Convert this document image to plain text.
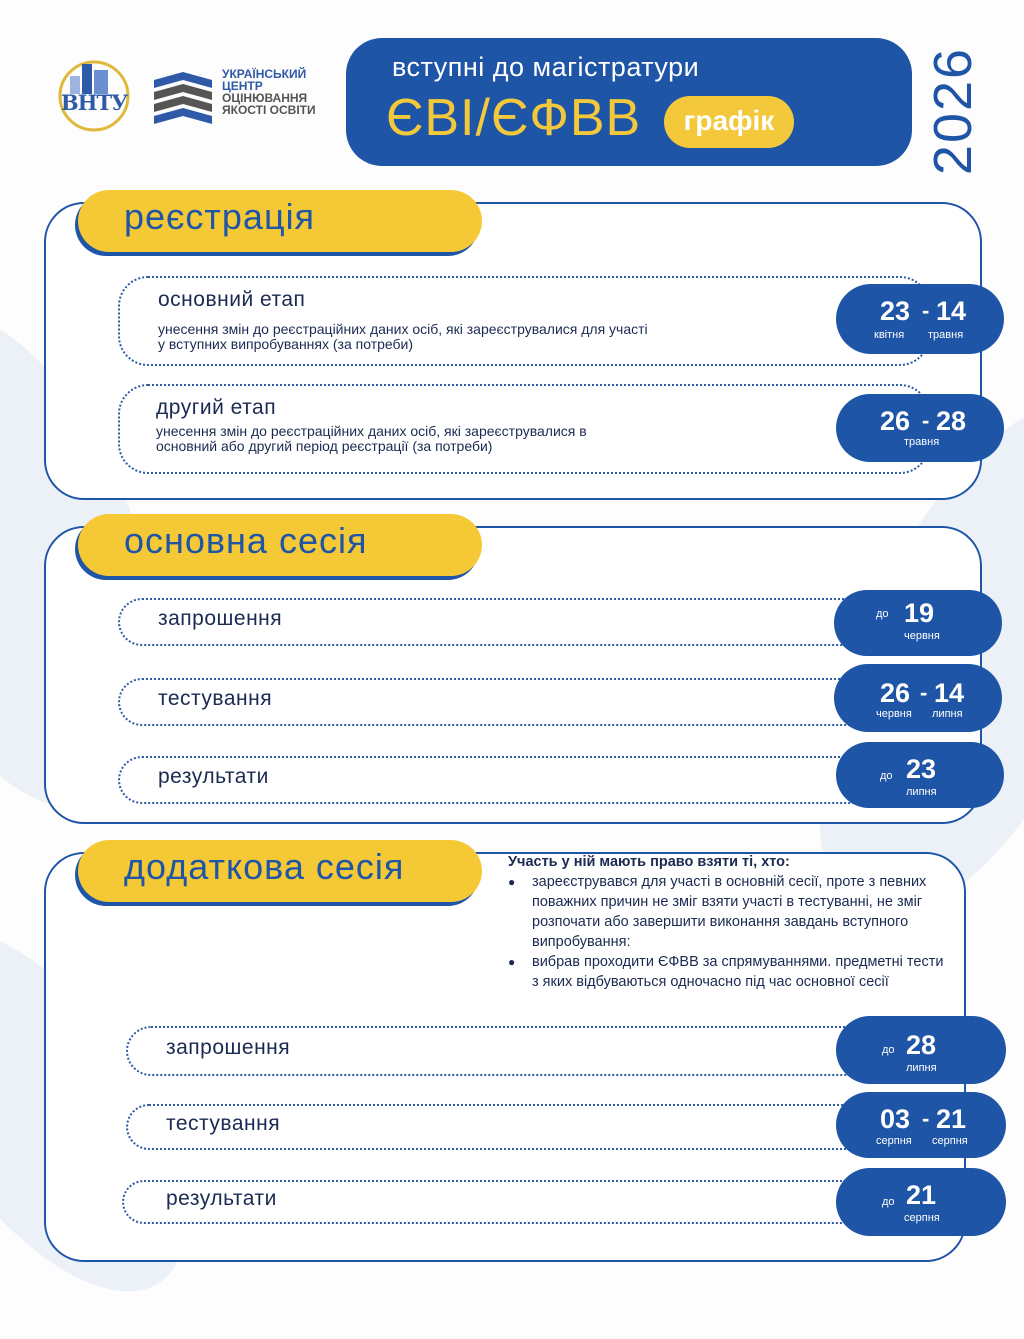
ВНТУ
УКРАЇНСЬКИЙ
ЦЕНТР
ОЦІНЮВАННЯ
ЯКОСТІ ОСВІТИ
вступні до магістратури
ЄВІ/ЄФВВ	графік	2026
реєстрація
основний етап
унесення змін до реєстраційних даних осіб, які зареєструвалися для участі
у вступних випробуваннях (за потреби)
23 - 14
квітня травня
другий етап
унесення змін до реєстраційних даних осіб, які зареєструвалися в
основний або другий період реєстрації (за потреби)
26 - 28
травня
основна сесія
запрошення	до 19
червня
тестування	26 - 14
червня липня
результати	до 23
липня
додаткова сесія	Участь у ній мають право взяти ті, хто:
● зареєструвався для участі в основній сесії, проте з певних поважних причин не зміг взяти участі в тестуванні, не зміг розпочати або завершити виконання завдань вступного випробування:
● вибрав проходити ЄФВВ за спрямуваннями. предметні тести з яких відбуваються одночасно під час основної сесії
запрошення	до 28
липня
тестування	03 - 21
серпня серпня
результати	до 21
серпня
